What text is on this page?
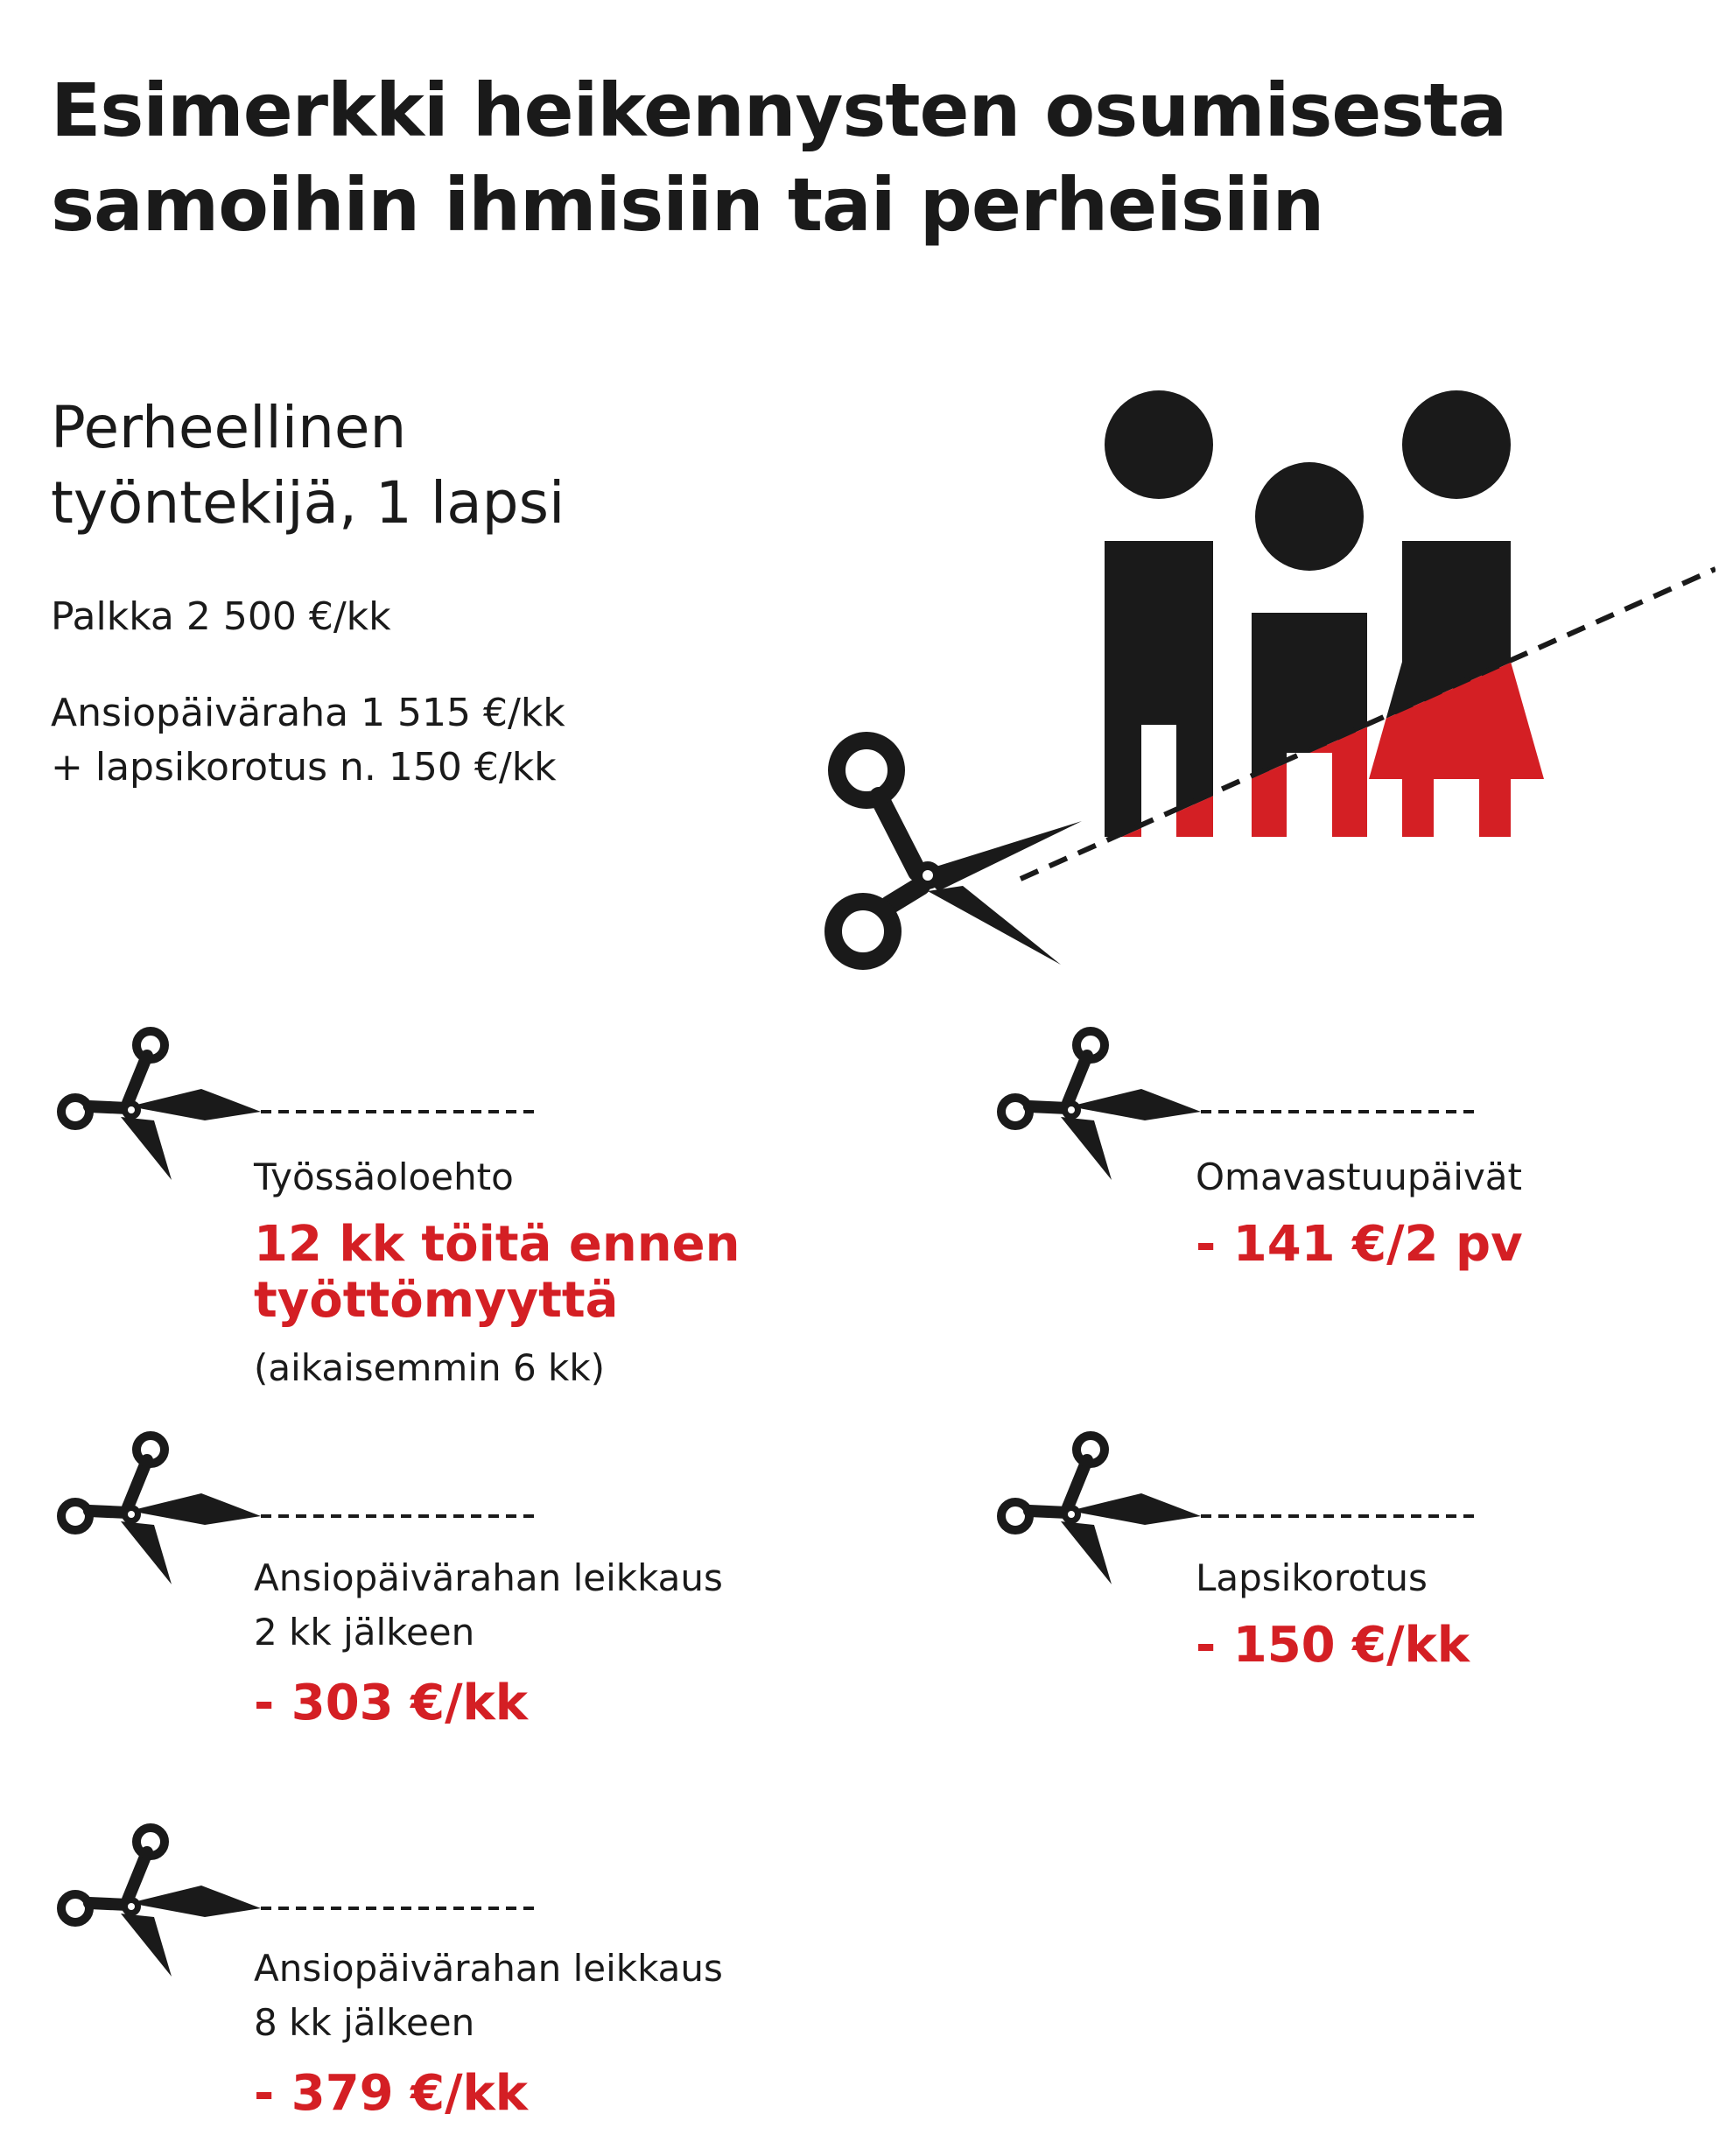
Esimerkki heikennysten osumisesta
samoihin ihmisiin tai perheisiin
Perheellinen
työntekijä, 1 lapsi
Palkka 2 500 €/kk
Ansiopäiväraha 1 515 €/kk
+ lapsikorotus n. 150 €/kk
Työssäoloehto
12 kk töitä ennen
työttömyyttä
(aikaisemmin 6 kk)
Omavastuupäivät
- 141 €/2 pv
Ansiopäivärahan leikkaus
2 kk jälkeen
- 303 €/kk
Lapsikorotus
- 150 €/kk
Ansiopäivärahan leikkaus
8 kk jälkeen
- 379 €/kk
